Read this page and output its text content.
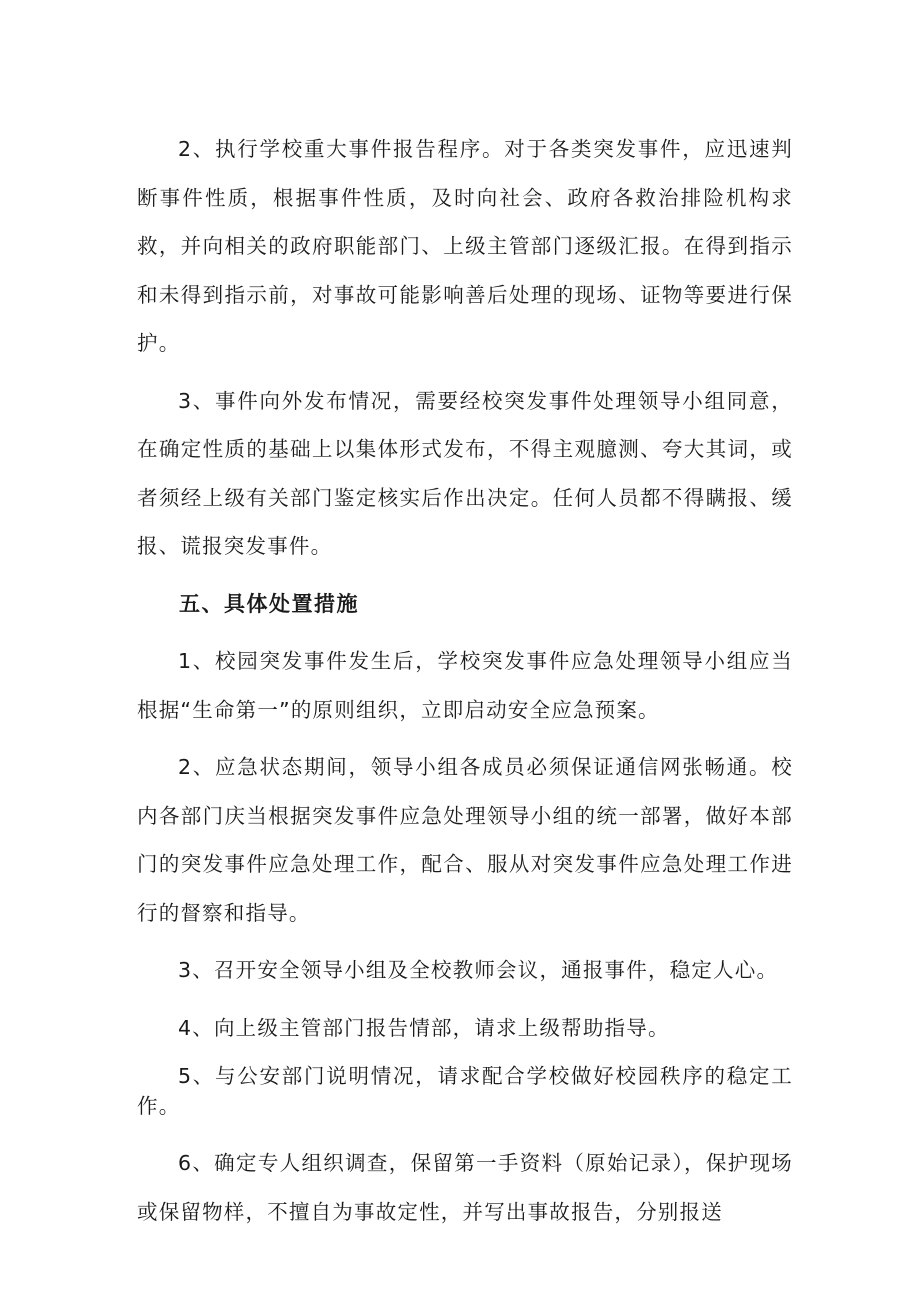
2、执行学校重大事件报告程序。对于各类突发事件，应迅速判断事件性质，根据事件性质，及时向社会、政府各救治排险机构求救，并向相关的政府职能部门、上级主管部门逐级汇报。在得到指示和未得到指示前，对事故可能影响善后处理的现场、证物等要进行保护。

3、事件向外发布情况，需要经校突发事件处理领导小组同意，在确定性质的基础上以集体形式发布，不得主观臆测、夸大其词，或者须经上级有关部门鉴定核实后作出决定。任何人员都不得瞒报、缓报、谎报突发事件。

五、具体处置措施

1、校园突发事件发生后，学校突发事件应急处理领导小组应当根据“生命第一”的原则组织，立即启动安全应急预案。

2、应急状态期间，领导小组各成员必须保证通信网张畅通。校内各部门庆当根据突发事件应急处理领导小组的统一部署，做好本部门的突发事件应急处理工作，配合、服从对突发事件应急处理工作进行的督察和指导。

3、召开安全领导小组及全校教师会议，通报事件，稳定人心。

4、向上级主管部门报告情部，请求上级帮助指导。

5、与公安部门说明情况，请求配合学校做好校园秩序的稳定工作。

6、确定专人组织调查，保留第一手资料（原始记录），保护现场或保留物样，不擅自为事故定性，并写出事故报告，分别报送
